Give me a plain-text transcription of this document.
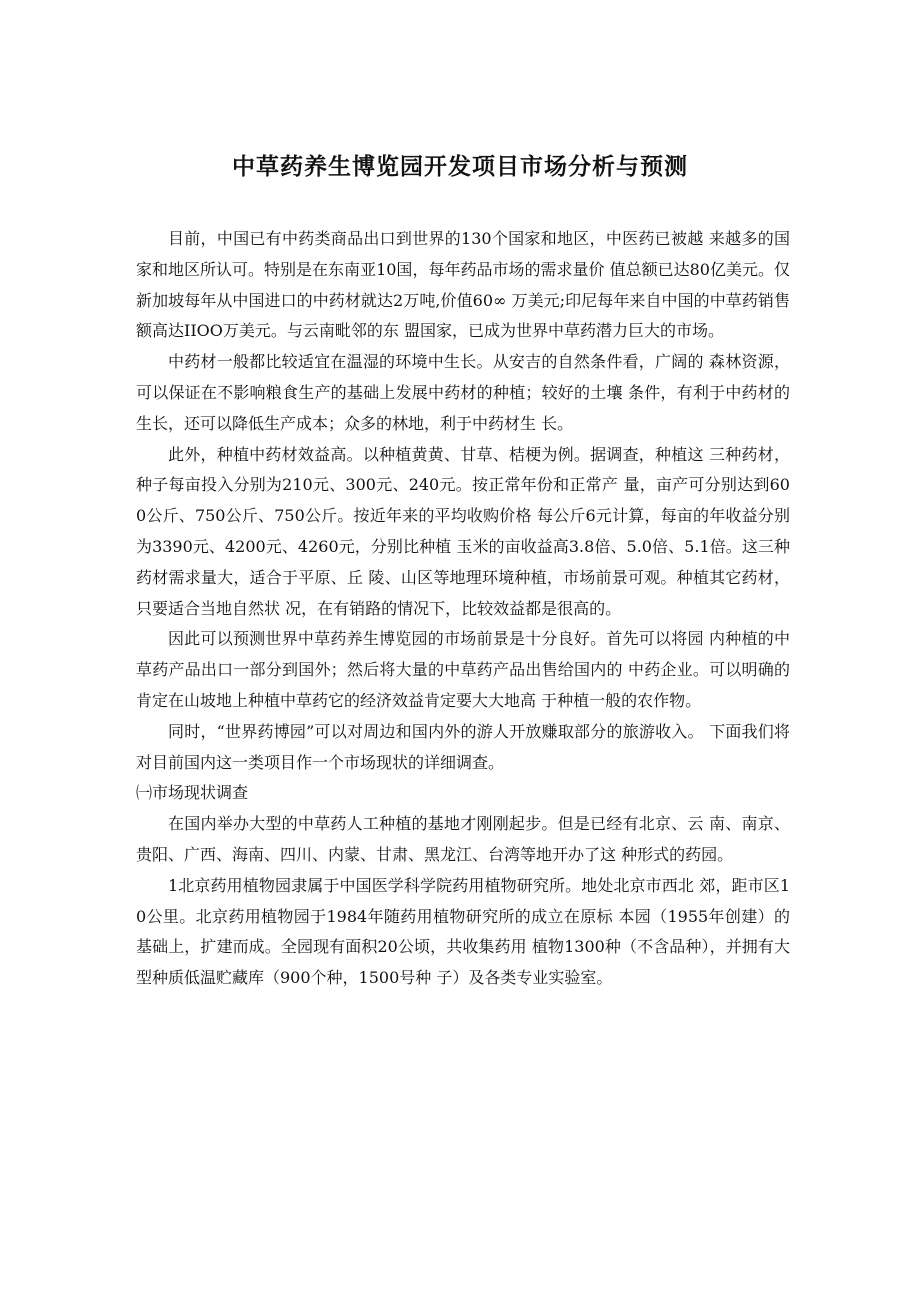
中草药养生博览园开发项目市场分析与预测

目前，中国已有中药类商品出口到世界的130个国家和地区，中医药已被越 来越多的国家和地区所认可。特别是在东南亚10国，每年药品市场的需求量价 值总额已达80亿美元。仅新加坡每年从中国进口的中药材就达2万吨,价值60∞ 万美元;印尼每年来自中国的中草药销售额高达IIOO万美元。与云南毗邻的东 盟国家，已成为世界中草药潜力巨大的市场。

中药材一般都比较适宜在温湿的环境中生长。从安吉的自然条件看，广阔的 森林资源，可以保证在不影响粮食生产的基础上发展中药材的种植；较好的土壤 条件，有利于中药材的生长，还可以降低生产成本；众多的林地，利于中药材生 长。

此外，种植中药材效益高。以种植黄黄、甘草、桔梗为例。据调查，种植这 三种药材，种子每亩投入分别为210元、300元、240元。按正常年份和正常产 量，亩产可分别达到600公斤、750公斤、750公斤。按近年来的平均收购价格 每公斤6元计算，每亩的年收益分别为3390元、4200元、4260元，分别比种植 玉米的亩收益高3.8倍、5.0倍、5.1倍。这三种药材需求量大，适合于平原、丘 陵、山区等地理环境种植，市场前景可观。种植其它药材，只要适合当地自然状 况，在有销路的情况下，比较效益都是很高的。

因此可以预测世界中草药养生博览园的市场前景是十分良好。首先可以将园 内种植的中草药产品出口一部分到国外；然后将大量的中草药产品出售给国内的 中药企业。可以明确的肯定在山坡地上种植中草药它的经济效益肯定要大大地高 于种植一般的农作物。

同时，“世界药博园”可以对周边和国内外的游人开放赚取部分的旅游收入。 下面我们将对目前国内这一类项目作一个市场现状的详细调查。

㈠市场现状调查

在国内举办大型的中草药人工种植的基地才刚刚起步。但是已经有北京、云 南、南京、贵阳、广西、海南、四川、内蒙、甘肃、黑龙江、台湾等地开办了这 种形式的药园。

1北京药用植物园隶属于中国医学科学院药用植物研究所。地处北京市西北 郊，距市区10公里。北京药用植物园于1984年随药用植物研究所的成立在原标 本园（1955年创建）的基础上，扩建而成。全园现有面积20公顷，共收集药用 植物1300种（不含品种），并拥有大型种质低温贮藏库（900个种，1500号种 子）及各类专业实验室。
